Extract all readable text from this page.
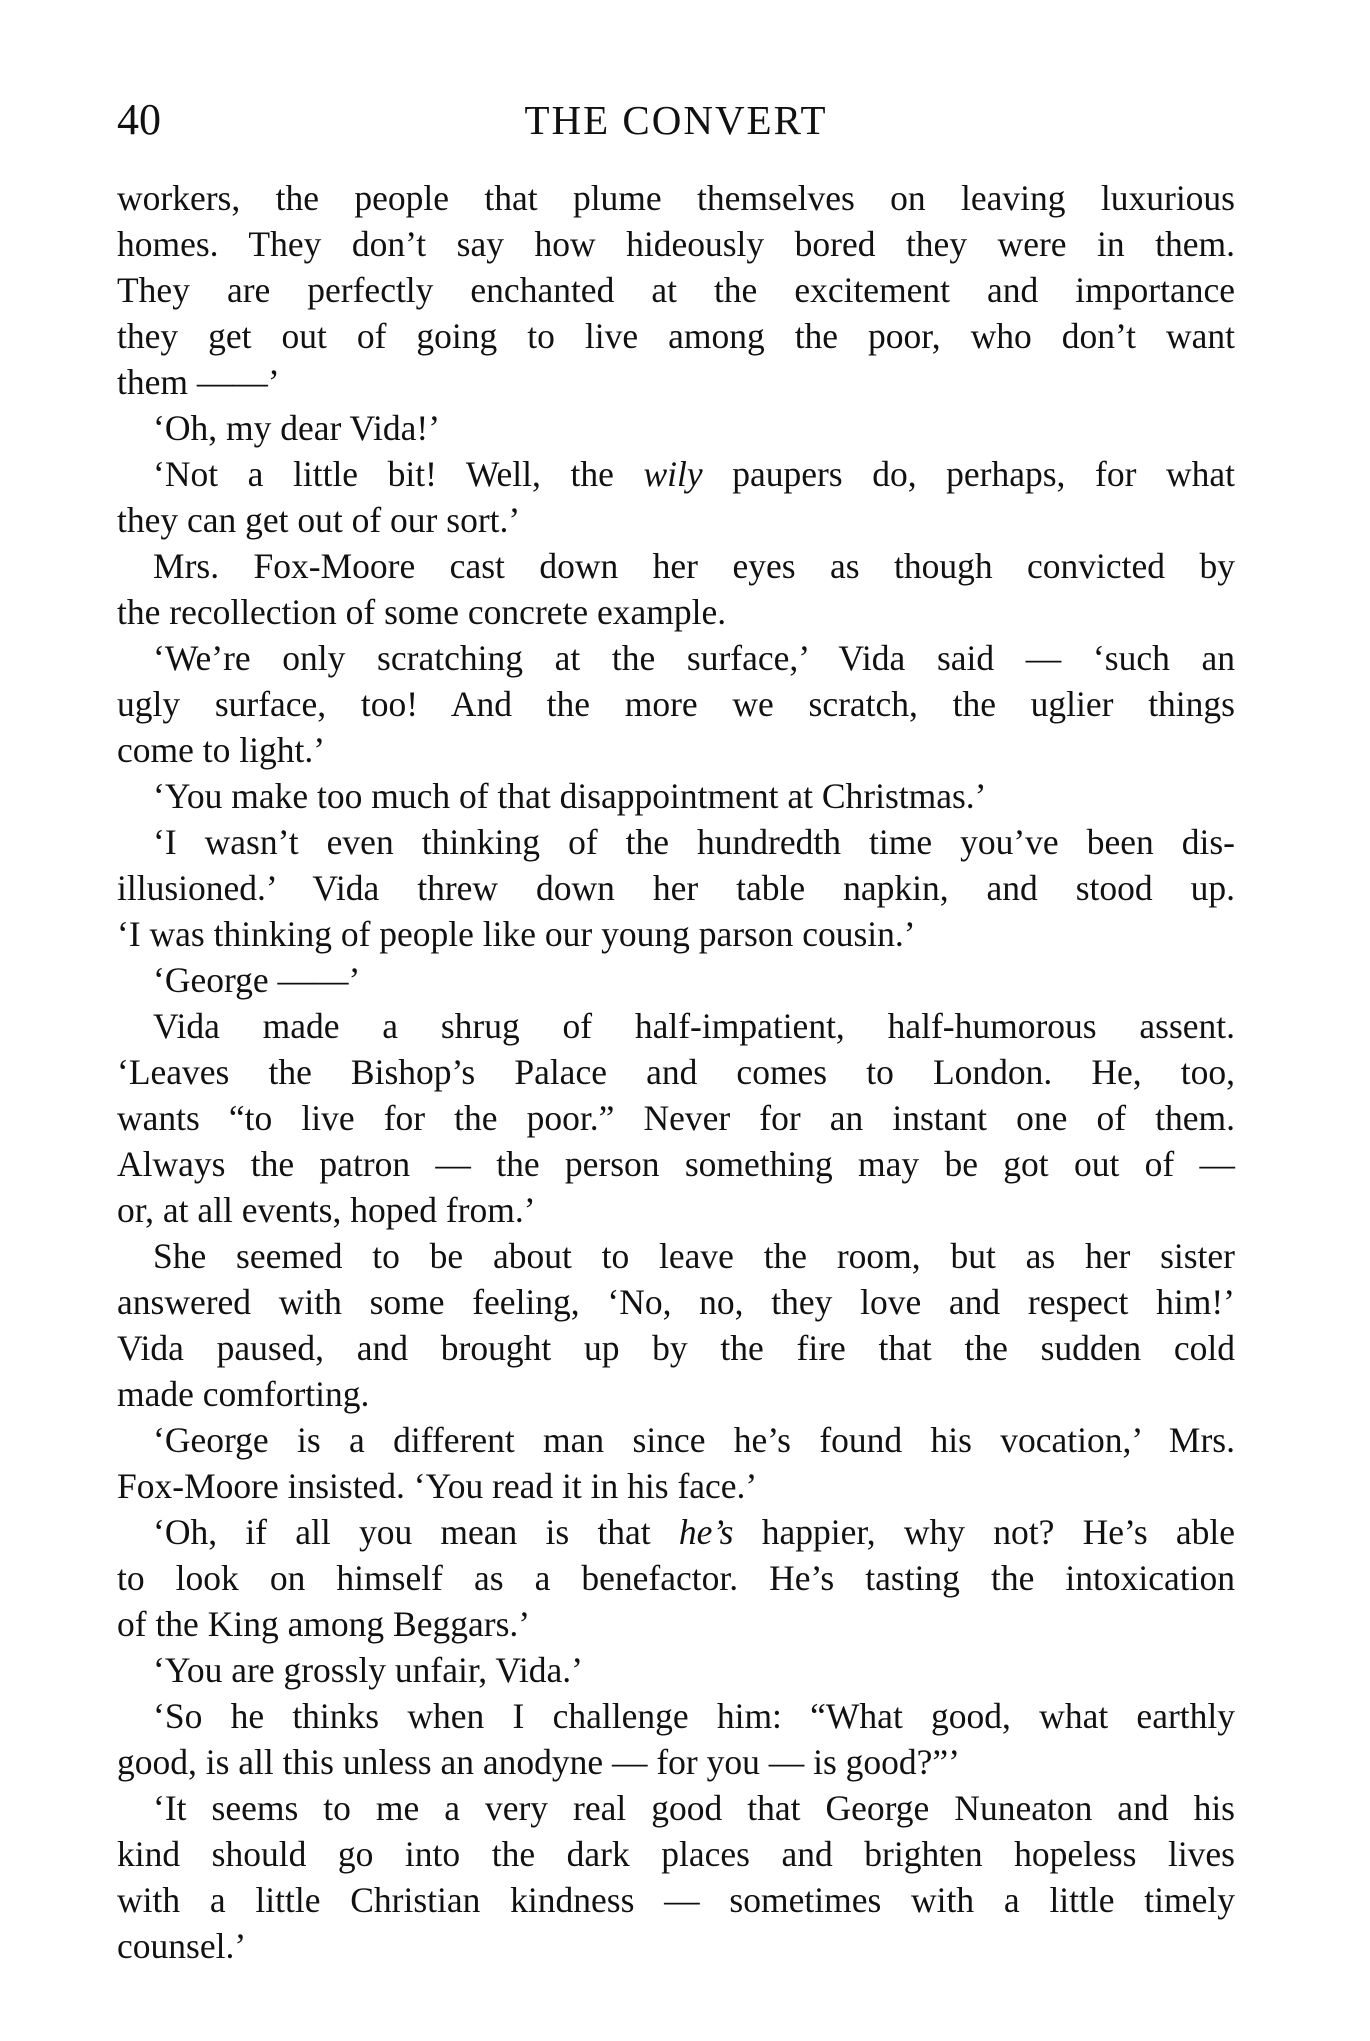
40	THE CONVERT
workers, the people that plume themselves on leaving luxurious
homes. They don’t say how hideously bored they were in them.
They are perfectly enchanted at the excitement and importance
they get out of going to live among the poor, who don’t want
them ——’
‘Oh, my dear Vida!’
‘Not a little bit! Well, the wily paupers do, perhaps, for what
they can get out of our sort.’
Mrs. Fox-Moore cast down her eyes as though convicted by
the recollection of some concrete example.
‘We’re only scratching at the surface,’ Vida said — ‘such an
ugly surface, too! And the more we scratch, the uglier things
come to light.’
‘You make too much of that disappointment at Christmas.’
‘I wasn’t even thinking of the hundredth time you’ve been dis-
illusioned.’ Vida threw down her table napkin, and stood up.
‘I was thinking of people like our young parson cousin.’
‘George ——’
Vida made a shrug of half-impatient, half-humorous assent.
‘Leaves the Bishop’s Palace and comes to London. He, too,
wants “to live for the poor.” Never for an instant one of them.
Always the patron — the person something may be got out of —
or, at all events, hoped from.’
She seemed to be about to leave the room, but as her sister
answered with some feeling, ‘No, no, they love and respect him!’
Vida paused, and brought up by the fire that the sudden cold
made comforting.
‘George is a different man since he’s found his vocation,’ Mrs.
Fox-Moore insisted. ‘You read it in his face.’
‘Oh, if all you mean is that he’s happier, why not? He’s able
to look on himself as a benefactor. He’s tasting the intoxication
of the King among Beggars.’
‘You are grossly unfair, Vida.’
‘So he thinks when I challenge him: “What good, what earthly
good, is all this unless an anodyne — for you — is good?”’
‘It seems to me a very real good that George Nuneaton and his
kind should go into the dark places and brighten hopeless lives
with a little Christian kindness — sometimes with a little timely
counsel.’
